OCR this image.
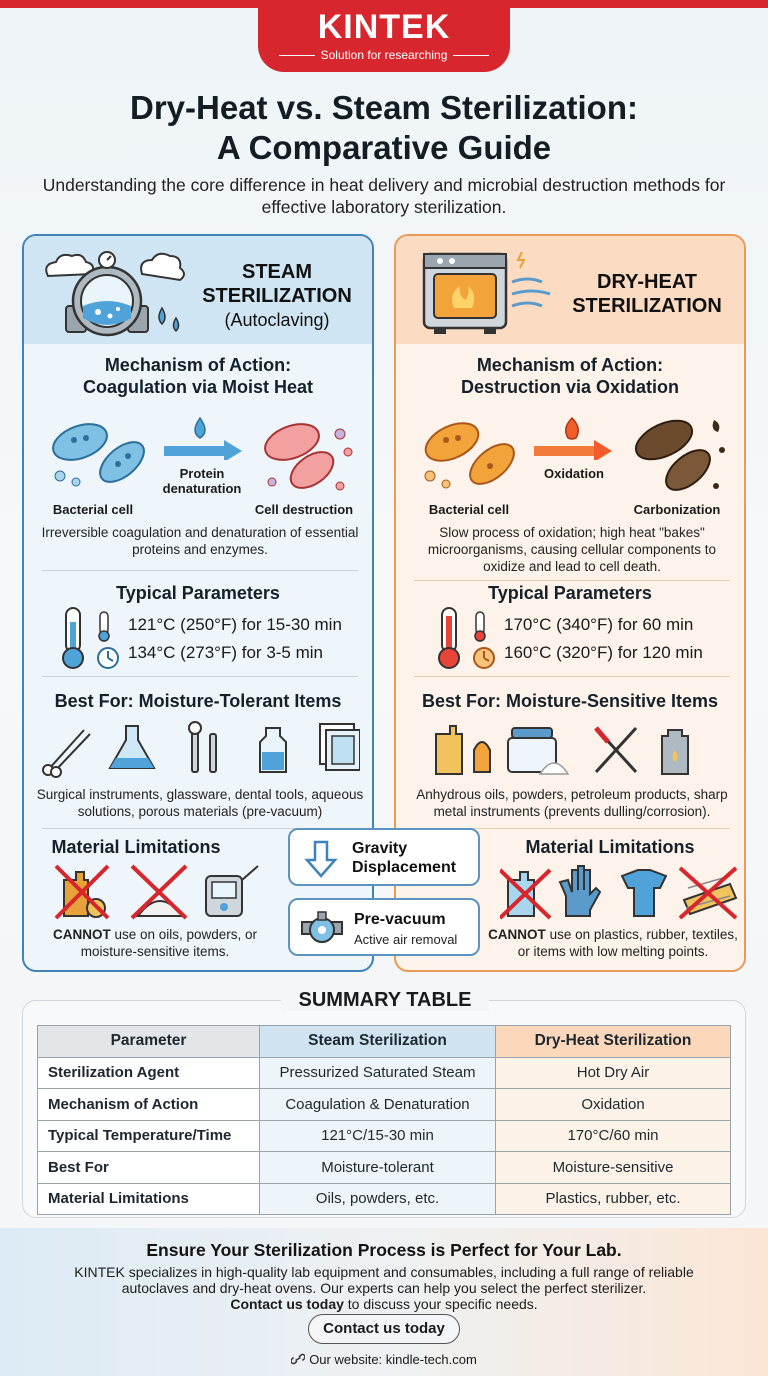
KINTEK
Solution for researching
Dry-Heat vs. Steam Sterilization:
A Comparative Guide
Understanding the core difference in heat delivery and microbial destruction methods for effective laboratory sterilization.
STEAM
STERILIZATION
(Autoclaving)
Mechanism of Action:
Coagulation via Moist Heat
Protein denaturation
Bacterial cell	Cell destruction
Irreversible coagulation and denaturation of essential proteins and enzymes.
Typical Parameters
121°C (250°F) for 15-30 min
134°C (273°F) for 3-5 min
Best For: Moisture-Tolerant Items
Surgical instruments, glassware, dental tools, aqueous solutions, porous materials (pre-vacuum)
Material Limitations
CANNOT use on oils, powders, or moisture-sensitive items.
DRY-HEAT
STERILIZATION
Mechanism of Action:
Destruction via Oxidation
Oxidation
Bacterial cell	Carbonization
Slow process of oxidation; high heat "bakes" microorganisms, causing cellular components to oxidize and lead to cell death.
Typical Parameters
170°C (340°F) for 60 min
160°C (320°F) for 120 min
Best For: Moisture-Sensitive Items
Anhydrous oils, powders, petroleum products, sharp metal instruments (prevents dulling/corrosion).
Material Limitations
CANNOT use on plastics, rubber, textiles, or items with low melting points.
Gravity
Displacement
Pre-vacuum
Active air removal
SUMMARY TABLE
Parameter	Steam Sterilization	Dry-Heat Sterilization
Sterilization Agent	Pressurized Saturated Steam	Hot Dry Air
Mechanism of Action	Coagulation & Denaturation	Oxidation
Typical Temperature/Time	121°C/15-30 min	170°C/60 min
Best For	Moisture-tolerant	Moisture-sensitive
Material Limitations	Oils, powders, etc.	Plastics, rubber, etc.
Ensure Your Sterilization Process is Perfect for Your Lab.
KINTEK specializes in high-quality lab equipment and consumables, including a full range of reliable autoclaves and dry-heat ovens. Our experts can help you select the perfect sterilizer.
Contact us today to discuss your specific needs.
Contact us today
Our website: kindle-tech.com
